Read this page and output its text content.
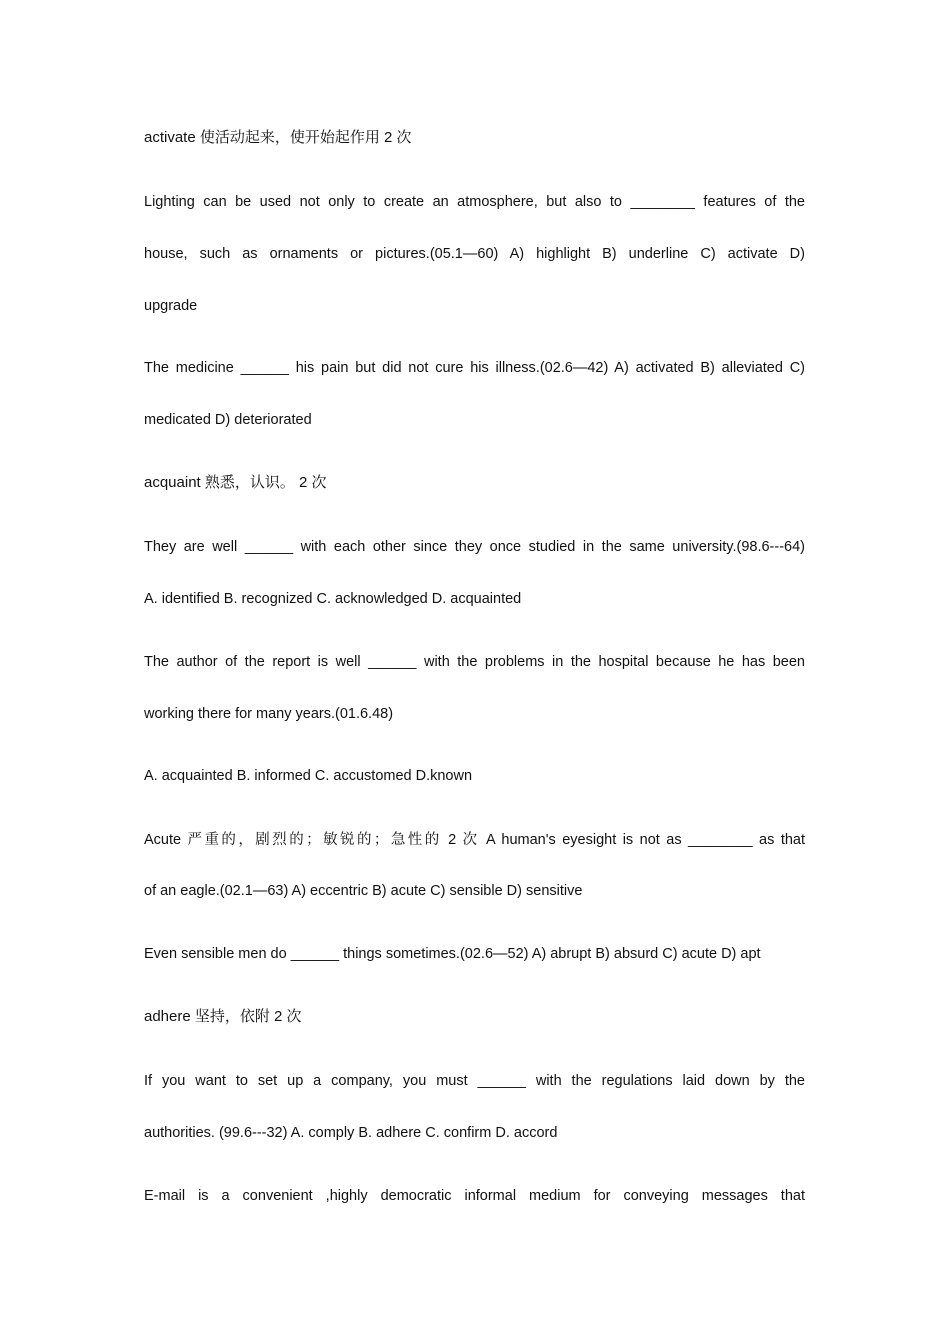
activate 使活动起来，使开始起作用 2 次
Lighting can be used not only to create an atmosphere, but also to ________ features of the
house, such as ornaments or pictures.(05.1—60) A) highlight B) underline C) activate D)
upgrade
The medicine ______ his pain but did not cure his illness.(02.6—42) A) activated B) alleviated C)
medicated D) deteriorated
acquaint 熟悉，认识。 2 次
They are well ______ with each other since they once studied in the same university.(98.6---64)
A. identified B. recognized C. acknowledged D. acquainted
The author of the report is well ______ with the problems in the hospital because he has been
working there for many years.(01.6.48)
A. acquainted B. informed C. accustomed D.known
Acute 严重的，剧烈的；敏锐的；急性的 2 次 A human's eyesight is not as ________ as that
of an eagle.(02.1—63) A) eccentric B) acute C) sensible D) sensitive
Even sensible men do ______ things sometimes.(02.6—52) A) abrupt B) absurd C) acute D) apt
adhere 坚持，依附 2 次
If you want to set up a company, you must ______ with the regulations laid down by the
authorities. (99.6---32) A. comply B. adhere C. confirm D. accord
E-mail is a convenient ,highly democratic informal medium for conveying messages that
